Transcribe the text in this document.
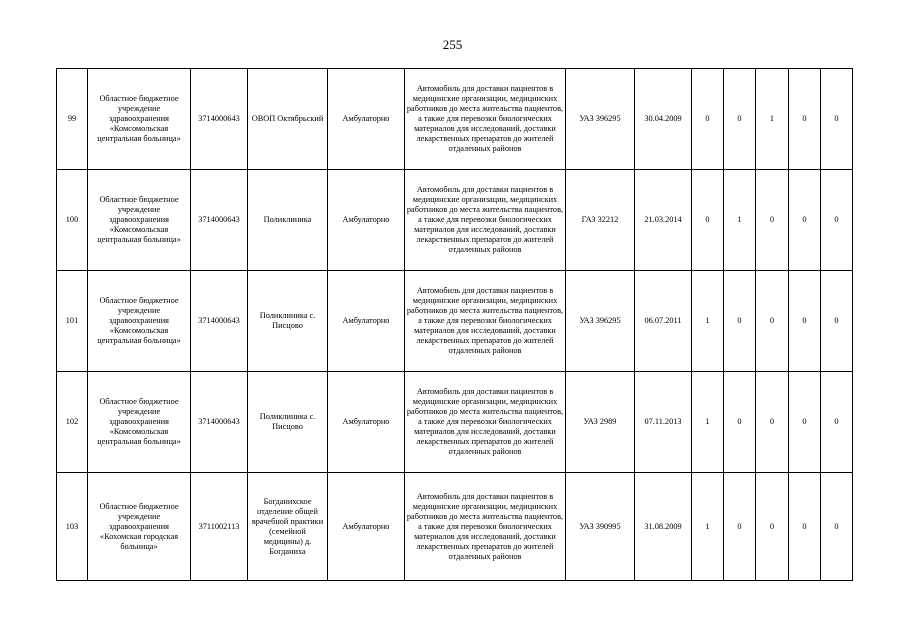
255
99	Областное бюджетное учреждение здравоохранения «Комсомольская центральная больница»	3714000643	ОВОП Октябрьский	Амбулаторно	Автомобиль для доставки пациентов в медицинские организации, медицинских работников до места жительства пациентов, а также для перевозки биологических материалов для исследований, доставки лекарственных препаратов до жителей отдаленных районов	УАЗ 396295	30.04.2009	0	0	1	0	0
100	Областное бюджетное учреждение здравоохранения «Комсомольская центральная больница»	3714000643	Поликлиника	Амбулаторно	Автомобиль для доставки пациентов в медицинские организации, медицинских работников до места жительства пациентов, а также для перевозки биологических материалов для исследований, доставки лекарственных препаратов до жителей отдаленных районов	ГАЗ 32212	21.03.2014	0	1	0	0	0
101	Областное бюджетное учреждение здравоохранения «Комсомольская центральная больница»	3714000643	Поликлиника с. Писцово	Амбулаторно	Автомобиль для доставки пациентов в медицинские организации, медицинских работников до места жительства пациентов, а также для перевозки биологических материалов для исследований, доставки лекарственных препаратов до жителей отдаленных районов	УАЗ 396295	06.07.2011	1	0	0	0	0
102	Областное бюджетное учреждение здравоохранения «Комсомольская центральная больница»	3714000643	Поликлиника с. Писцово	Амбулаторно	Автомобиль для доставки пациентов в медицинские организации, медицинских работников до места жительства пациентов, а также для перевозки биологических материалов для исследований, доставки лекарственных препаратов до жителей отдаленных районов	УАЗ 2989	07.11.2013	1	0	0	0	0
103	Областное бюджетное учреждение здравоохранения «Кохомская городская больница»	3711002113	Богданихское отделение общей врачебной практики (семейной медицины) д. Богданиха	Амбулаторно	Автомобиль для доставки пациентов в медицинские организации, медицинских работников до места жительства пациентов, а также для перевозки биологических материалов для исследований, доставки лекарственных препаратов до жителей отдаленных районов	УАЗ 390995	31.08.2009	1	0	0	0	0
